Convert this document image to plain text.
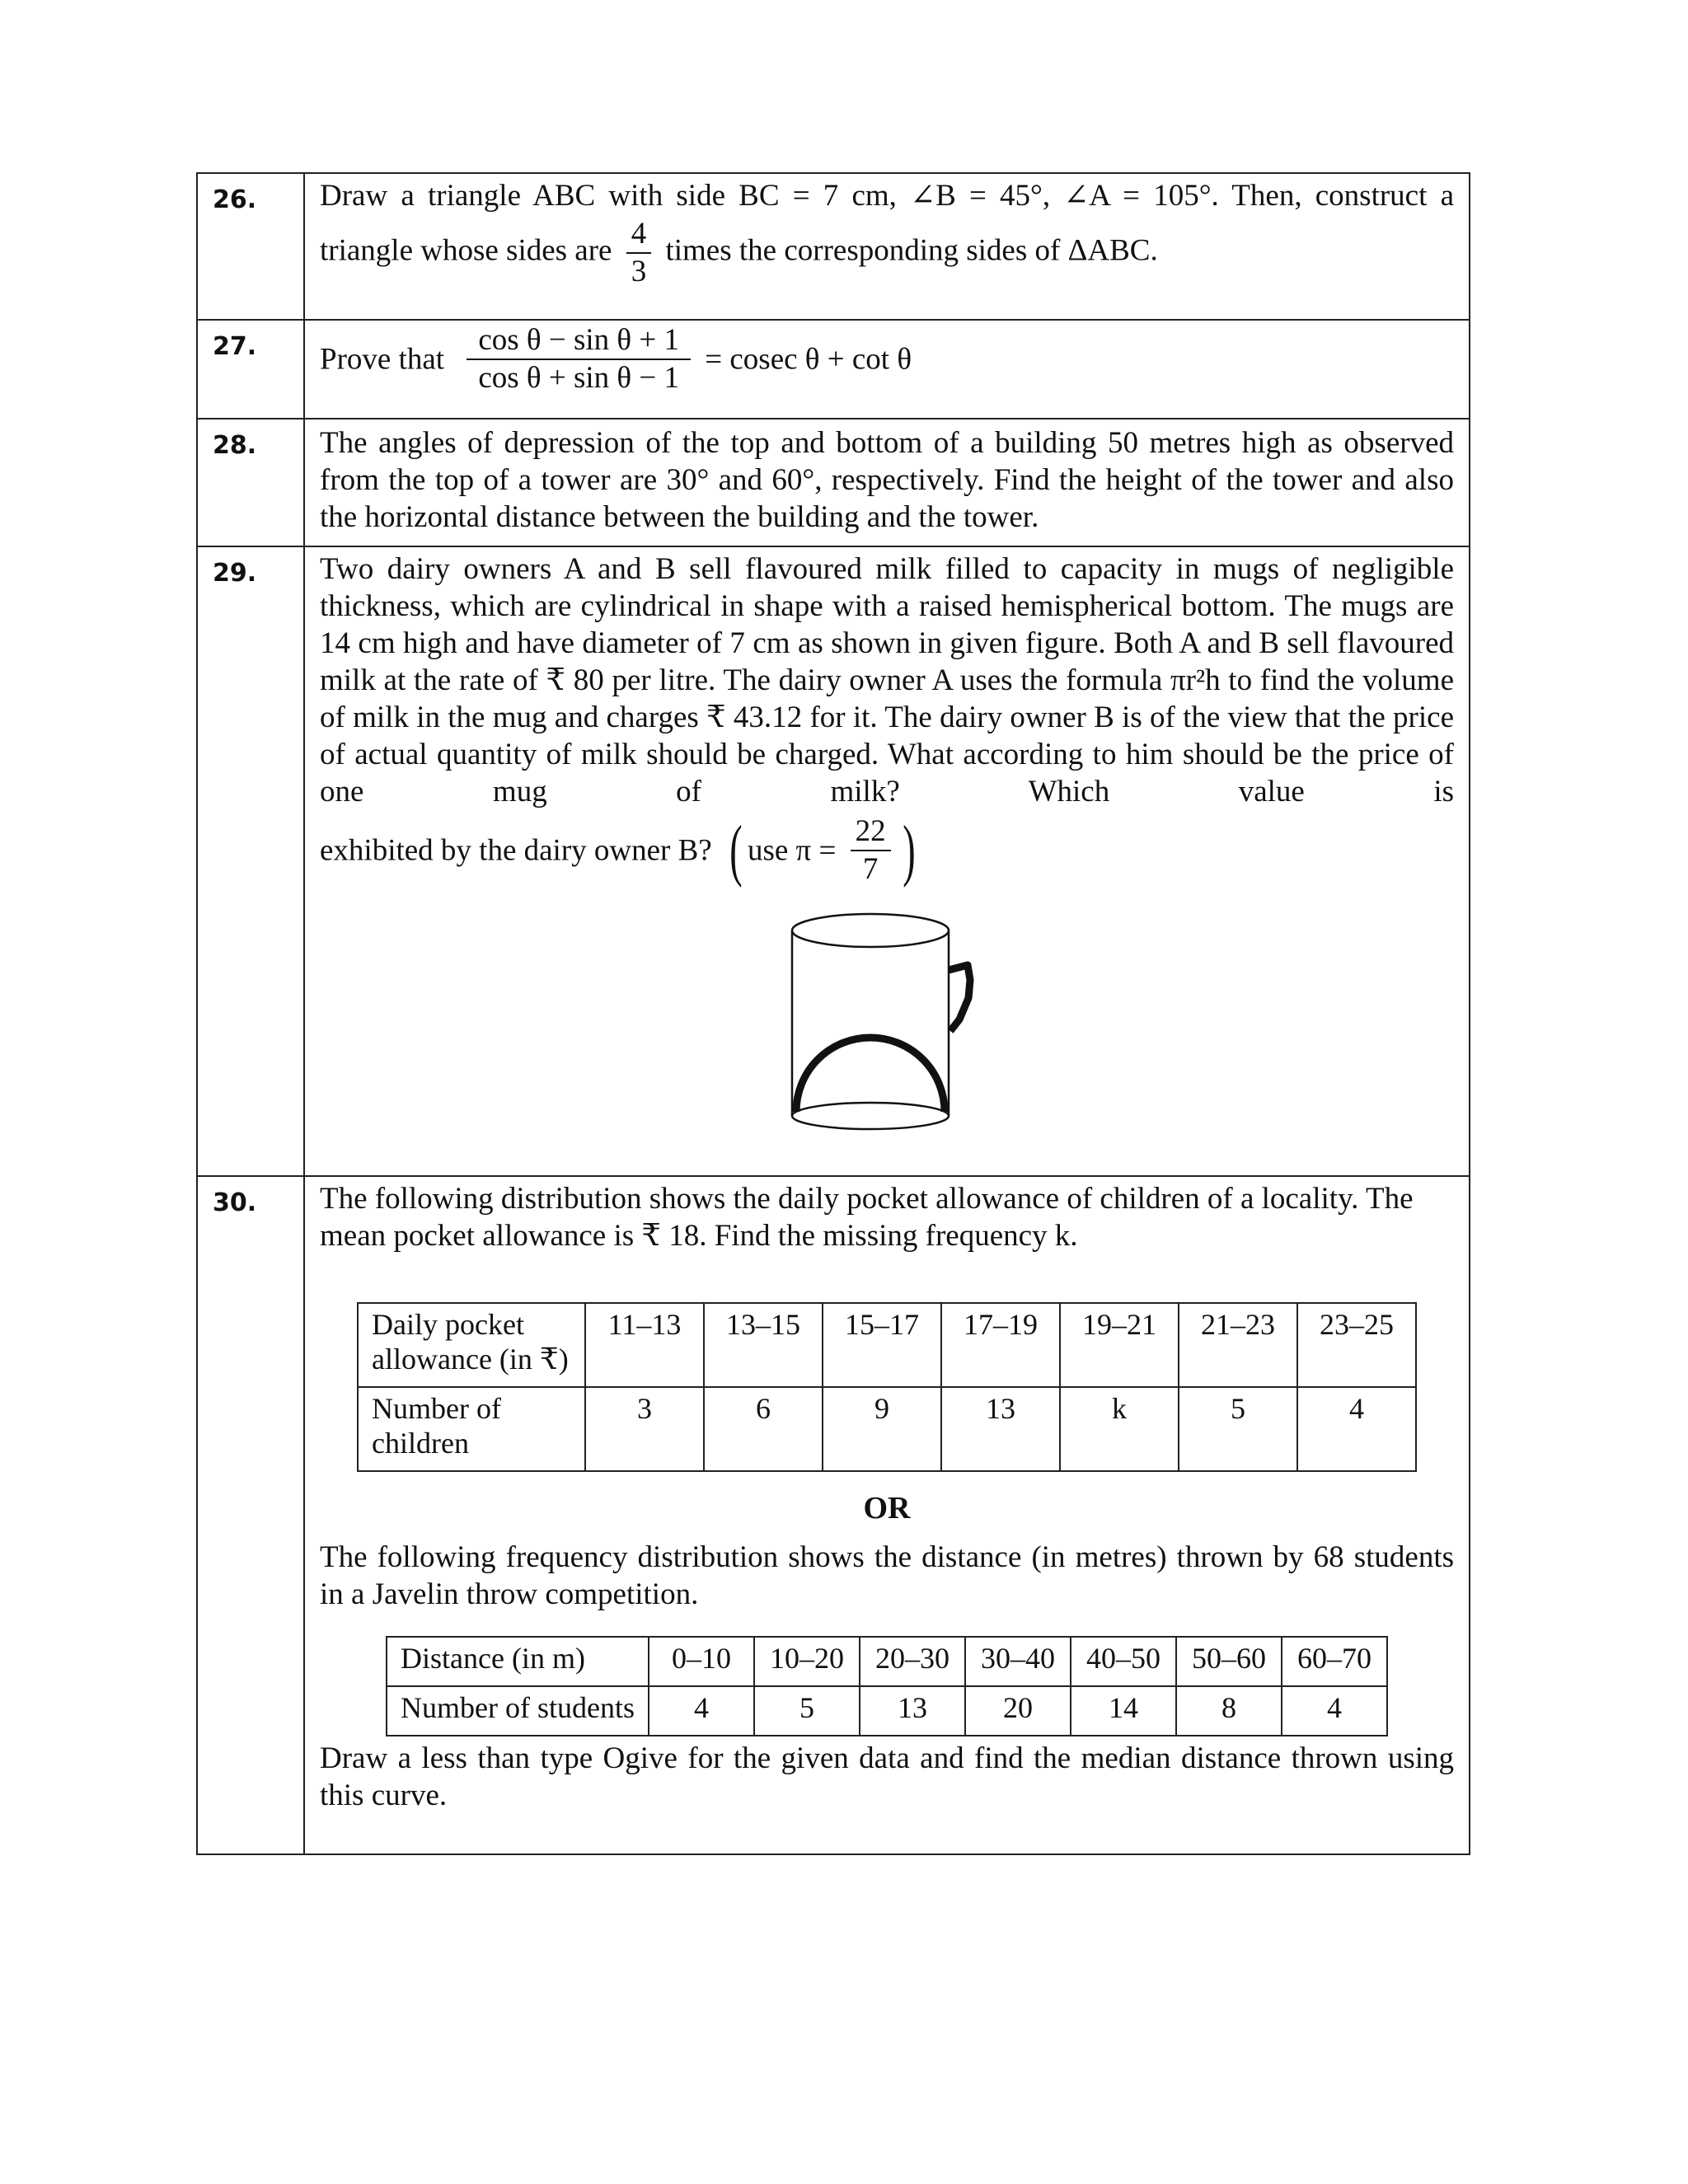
26.	Draw a triangle ABC with side BC = 7 cm, ∠B = 45°, ∠A = 105°. Then, construct a
triangle whose sides are $\frac{4}{3}$ times the corresponding sides of ΔABC.

27.	Prove that $\frac{\text{cos θ − sin θ + 1}}{\text{cos θ + sin θ − 1}} = cosec$ θ + cot θ
28.	The angles of depression of the top and bottom of a building 50 metres high as observed from the top of a tower are 30° and 60°, respectively. Find the height of the tower and also the horizontal distance between the building and the tower.
29.	Two dairy owners A and B sell flavoured milk filled to capacity in mugs of negligible thickness, which are cylindrical in shape with a raised hemispherical bottom. The mugs are 14 cm high and have diameter of 7 cm as shown in given figure. Both A and B sell flavoured milk at the rate of ₹ 80 per litre. The dairy owner A uses the formula πr²h to find the volume of milk in the mug and charges ₹ 43.12 for it. The dairy owner B is of the view that the price of actual quantity of milk should be charged. What according to him should be the price of one mug of milk? Which value is
exhibited by the dairy owner B? ( use $\pi = \frac{22}{7}$ )

30.	The following distribution shows the daily pocket allowance of children of a locality. The mean pocket allowance is ₹ 18. Find the missing frequency k.
Daily pocket allowance (in ₹)	11–13	13–15	15–17	17–19	19–21	21–23	23–25
Number of children	3	6	9	13	k	5	4
OR
The following frequency distribution shows the distance (in metres) thrown by 68 students in a Javelin throw competition.
Distance (in m)	0–10	10–20	20–30	30–40	40–50	50–60	60–70
Number of students	4	5	13	20	14	8	4
Draw a less than type Ogive for the given data and find the median distance thrown using this curve.
